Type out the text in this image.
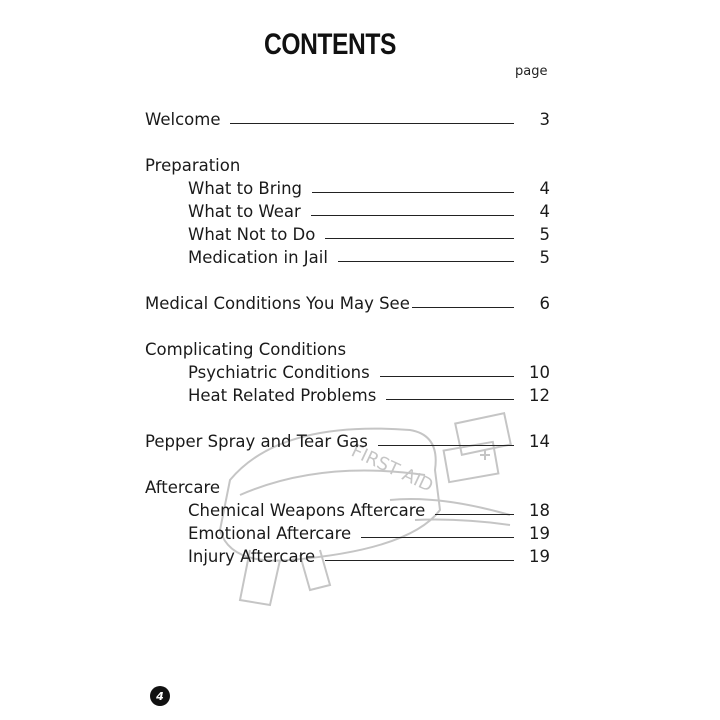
CONTENTS
page
FIRST AID
Welcome	3
Preparation
What to Bring	4
What to Wear	4
What Not to Do	5
Medication in Jail	5
Medical Conditions You May See	6
Complicating Conditions
Psychiatric Conditions	10
Heat Related Problems	12
Pepper Spray and Tear Gas	14
Aftercare
Chemical Weapons Aftercare	18
Emotional Aftercare	19
Injury Aftercare	19
4
